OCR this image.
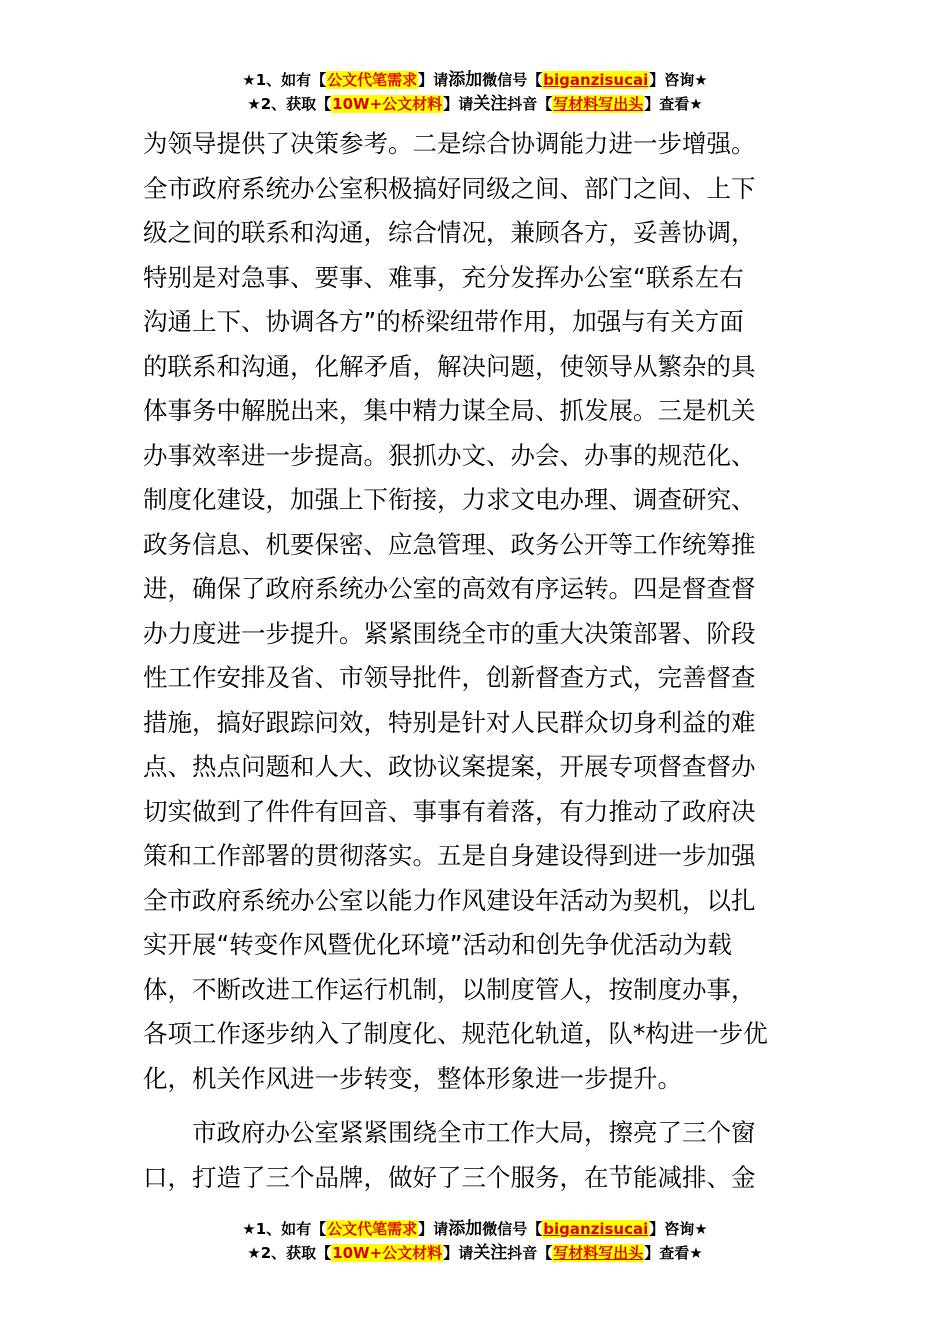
★1、如有【公文代笔需求】请添加微信号【biganzisucai】咨询★
★2、获取【10W+公文材料】请关注抖音【写材料写出头】查看★
为领导提供了决策参考。二是综合协调能力进一步增强。
全市政府系统办公室积极搞好同级之间、部门之间、上下
级之间的联系和沟通，综合情况，兼顾各方，妥善协调，
特别是对急事、要事、难事，充分发挥办公室“联系左右
沟通上下、协调各方”的桥梁纽带作用，加强与有关方面
的联系和沟通，化解矛盾，解决问题，使领导从繁杂的具
体事务中解脱出来，集中精力谋全局、抓发展。三是机关
办事效率进一步提高。狠抓办文、办会、办事的规范化、
制度化建设，加强上下衔接，力求文电办理、调查研究、
政务信息、机要保密、应急管理、政务公开等工作统筹推
进，确保了政府系统办公室的高效有序运转。四是督查督
办力度进一步提升。紧紧围绕全市的重大决策部署、阶段
性工作安排及省、市领导批件，创新督查方式，完善督查
措施，搞好跟踪问效，特别是针对人民群众切身利益的难
点、热点问题和人大、政协议案提案，开展专项督查督办
切实做到了件件有回音、事事有着落，有力推动了政府决
策和工作部署的贯彻落实。五是自身建设得到进一步加强
全市政府系统办公室以能力作风建设年活动为契机，以扎
实开展“转变作风暨优化环境”活动和创先争优活动为载
体，不断改进工作运行机制，以制度管人，按制度办事，
各项工作逐步纳入了制度化、规范化轨道，队*构进一步优
化，机关作风进一步转变，整体形象进一步提升。
市政府办公室紧紧围绕全市工作大局，擦亮了三个窗
口，打造了三个品牌，做好了三个服务，在节能减排、金
★1、如有【公文代笔需求】请添加微信号【biganzisucai】咨询★
★2、获取【10W+公文材料】请关注抖音【写材料写出头】查看★
